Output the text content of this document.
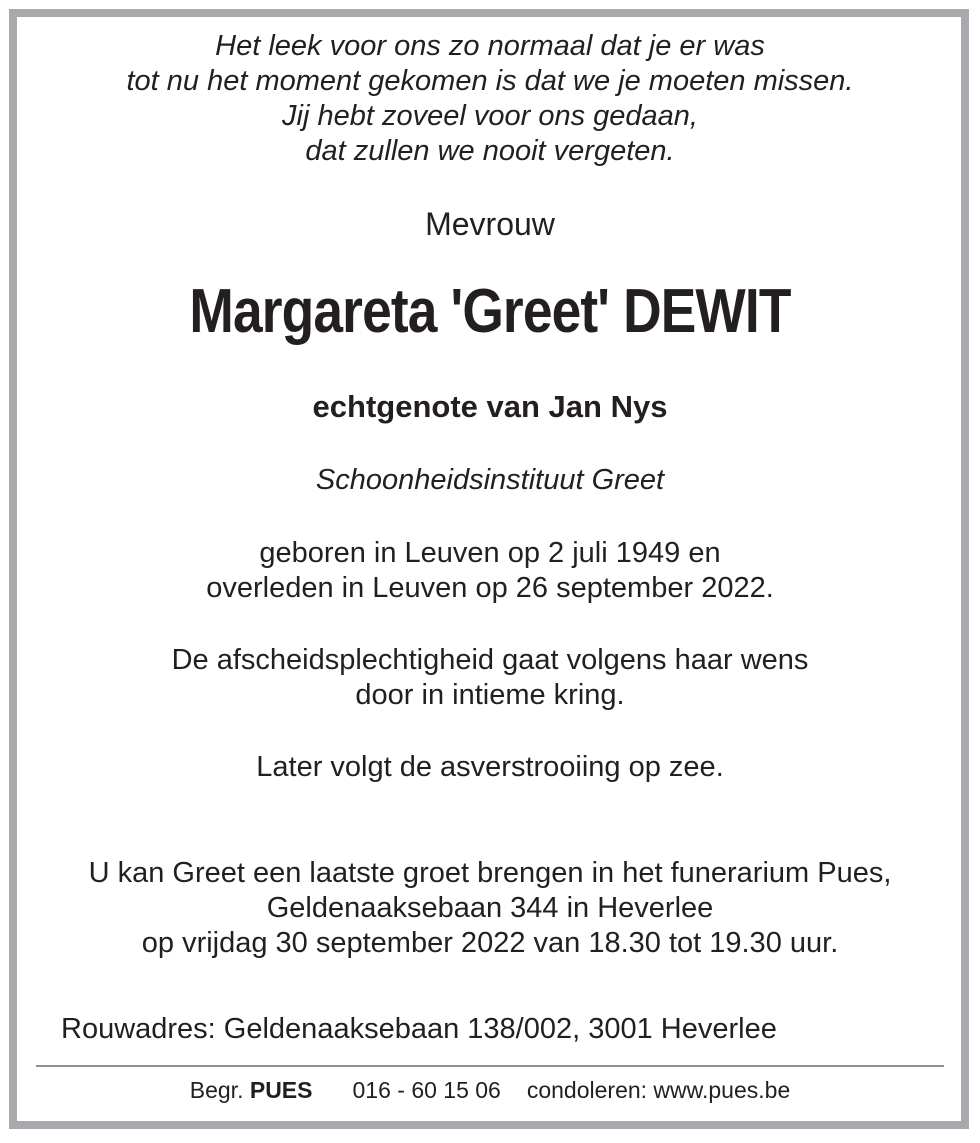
Het leek voor ons zo normaal dat je er was

tot nu het moment gekomen is dat we je moeten missen.

Jij hebt zoveel voor ons gedaan,

dat zullen we nooit vergeten.

Mevrouw

Margareta 'Greet' DEWIT

echtgenote van Jan Nys

Schoonheidsinstituut Greet

geboren in Leuven op 2 juli 1949 en

overleden in Leuven op 26 september 2022.

De afscheidsplechtigheid gaat volgens haar wens

door in intieme kring.

Later volgt de asverstrooiing op zee.

U kan Greet een laatste groet brengen in het funerarium Pues,

Geldenaaksebaan 344 in Heverlee

op vrijdag 30 september 2022 van 18.30 tot 19.30 uur.

Rouwadres: Geldenaaksebaan 138/002, 3001 Heverlee
Begr. PUES 016 - 60 15 06 condoleren: www.pues.be
